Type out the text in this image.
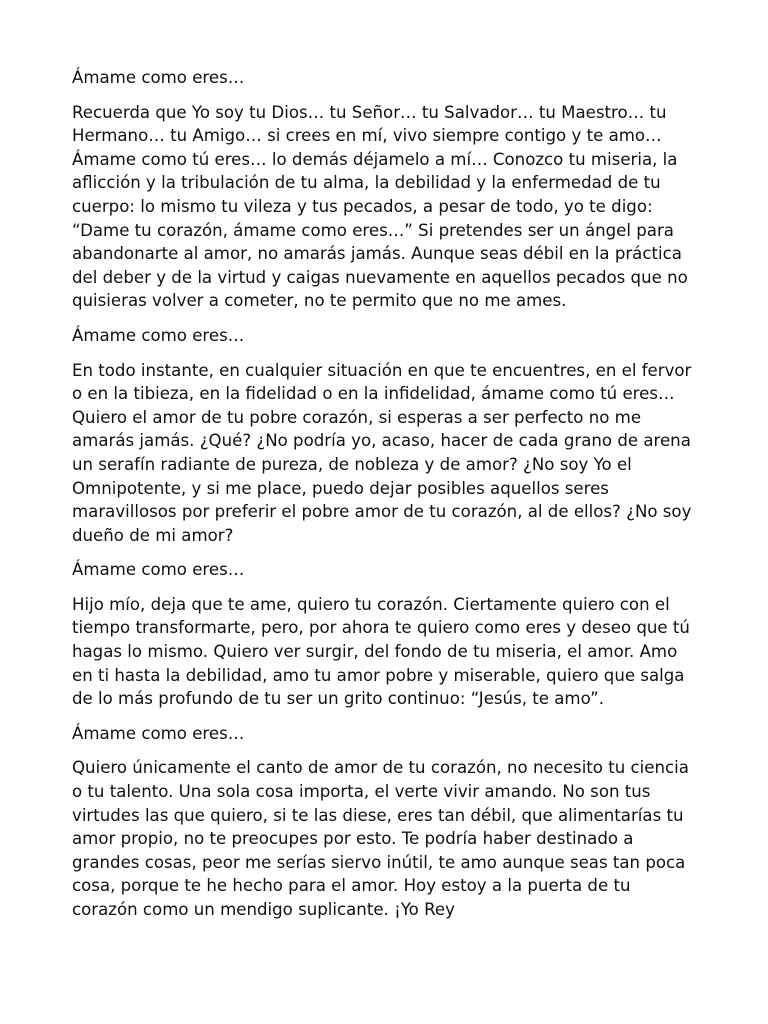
Ámame como eres…
Recuerda que Yo soy tu Dios… tu Señor… tu Salvador… tu Maestro… tu Hermano… tu Amigo… si crees en mí, vivo siempre contigo y te amo… Ámame como tú eres… lo demás déjamelo a mí… Conozco tu miseria, la aflicción y la tribulación de tu alma, la debilidad y la enfermedad de tu cuerpo: lo mismo tu vileza y tus pecados, a pesar de todo, yo te digo: “Dame tu corazón, ámame como eres…” Si pretendes ser un ángel para abandonarte al amor, no amarás jamás. Aunque seas débil en la práctica del deber y de la virtud y caigas nuevamente en aquellos pecados que no quisieras volver a cometer, no te permito que no me ames.
Ámame como eres…
En todo instante, en cualquier situación en que te encuentres, en el fervor o en la tibieza, en la fidelidad o en la infidelidad, ámame como tú eres… Quiero el amor de tu pobre corazón, si esperas a ser perfecto no me amarás jamás. ¿Qué? ¿No podría yo, acaso, hacer de cada grano de arena un serafín radiante de pureza, de nobleza y de amor? ¿No soy Yo el Omnipotente, y si me place, puedo dejar posibles aquellos seres maravillosos por preferir el pobre amor de tu corazón, al de ellos? ¿No soy dueño de mi amor?
Ámame como eres…
Hijo mío, deja que te ame, quiero tu corazón. Ciertamente quiero con el tiempo transformarte, pero, por ahora te quiero como eres y deseo que tú hagas lo mismo. Quiero ver surgir, del fondo de tu miseria, el amor. Amo en ti hasta la debilidad, amo tu amor pobre y miserable, quiero que salga de lo más profundo de tu ser un grito continuo: “Jesús, te amo”.
Ámame como eres…
Quiero únicamente el canto de amor de tu corazón, no necesito tu ciencia o tu talento. Una sola cosa importa, el verte vivir amando. No son tus virtudes las que quiero, si te las diese, eres tan débil, que alimentarías tu amor propio, no te preocupes por esto. Te podría haber destinado a grandes cosas, peor me serías siervo inútil, te amo aunque seas tan poca cosa, porque te he hecho para el amor. Hoy estoy a la puerta de tu corazón como un mendigo suplicante. ¡Yo Rey
